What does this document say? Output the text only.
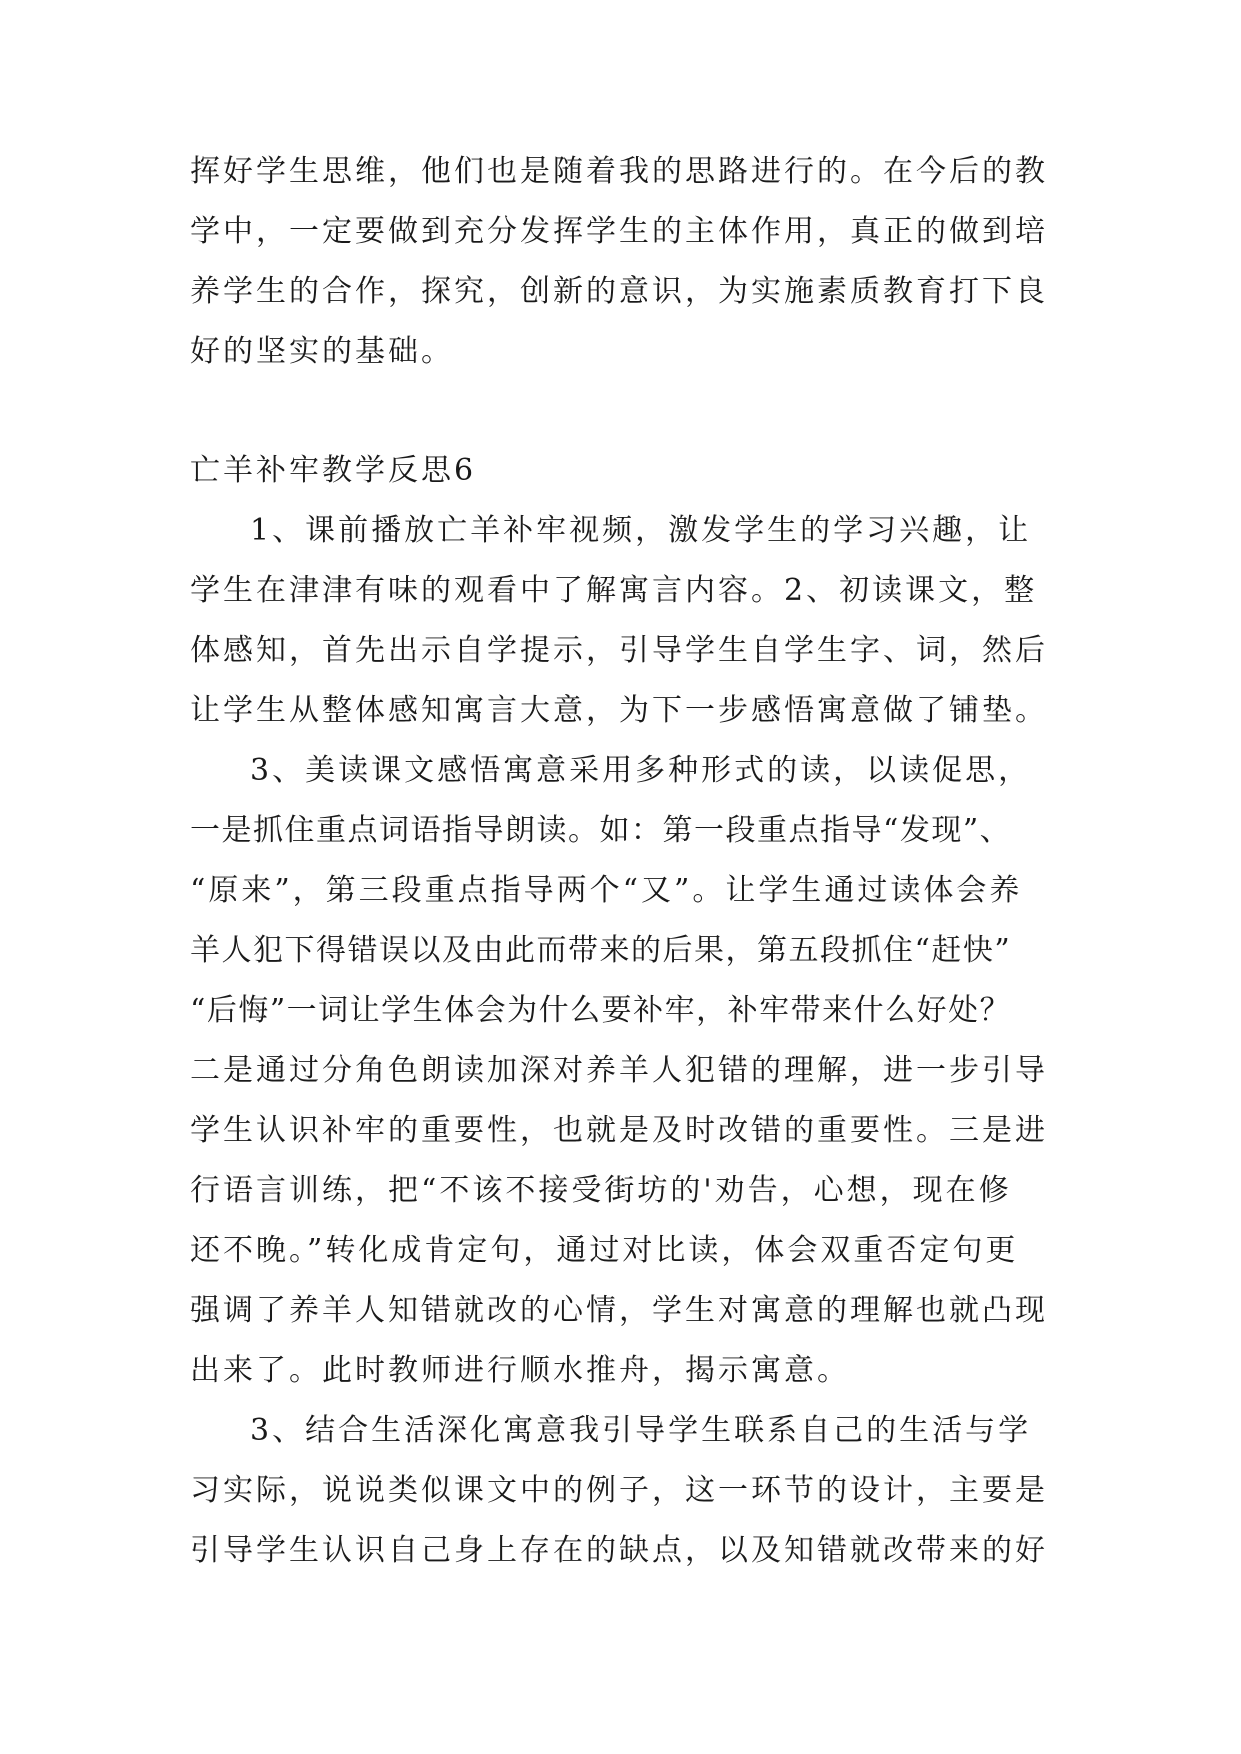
挥好学生思维，他们也是随着我的思路进行的。在今后的教
学中，一定要做到充分发挥学生的主体作用，真正的做到培
养学生的合作，探究，创新的意识，为实施素质教育打下良
好的坚实的基础。
亡羊补牢教学反思6
1、课前播放亡羊补牢视频，激发学生的学习兴趣，让
学生在津津有味的观看中了解寓言内容。2、初读课文，整
体感知，首先出示自学提示，引导学生自学生字、词，然后
让学生从整体感知寓言大意，为下一步感悟寓意做了铺垫。
3、美读课文感悟寓意采用多种形式的读，以读促思，
一是抓住重点词语指导朗读。如：第一段重点指导“发现”、
“原来”，第三段重点指导两个“又”。让学生通过读体会养
羊人犯下得错误以及由此而带来的后果，第五段抓住“赶快”
“后悔”一词让学生体会为什么要补牢，补牢带来什么好处？
二是通过分角色朗读加深对养羊人犯错的理解，进一步引导
学生认识补牢的重要性，也就是及时改错的重要性。三是进
行语言训练，把“不该不接受街坊的'劝告，心想，现在修
还不晚。”转化成肯定句，通过对比读，体会双重否定句更
强调了养羊人知错就改的心情，学生对寓意的理解也就凸现
出来了。此时教师进行顺水推舟，揭示寓意。
3、结合生活深化寓意我引导学生联系自己的生活与学
习实际，说说类似课文中的例子，这一环节的设计，主要是
引导学生认识自己身上存在的缺点，以及知错就改带来的好
